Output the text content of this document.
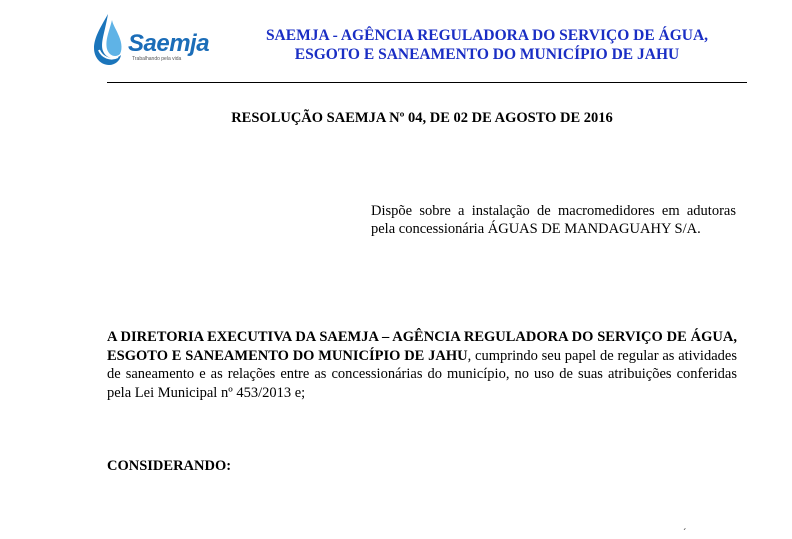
Saemja
Trabalhando pela vida
SAEMJA - AGÊNCIA REGULADORA DO SERVIÇO DE ÁGUA,
ESGOTO E SANEAMENTO DO MUNICÍPIO DE JAHU
RESOLUÇÃO SAEMJA Nº 04, DE 02 DE AGOSTO DE 2016
Dispõe sobre a instalação de macromedidores em adutoras pela concessionária ÁGUAS DE MANDAGUAHY S/A.
A DIRETORIA EXECUTIVA DA SAEMJA – AGÊNCIA REGULADORA DO SERVIÇO DE ÁGUA, ESGOTO E SANEAMENTO DO MUNICÍPIO DE JAHU, cumprindo seu papel de regular as atividades de saneamento e as relações entre as concessionárias do município, no uso de suas atribuições conferidas pela Lei Municipal nº 453/2013 e;
CONSIDERANDO:
´
